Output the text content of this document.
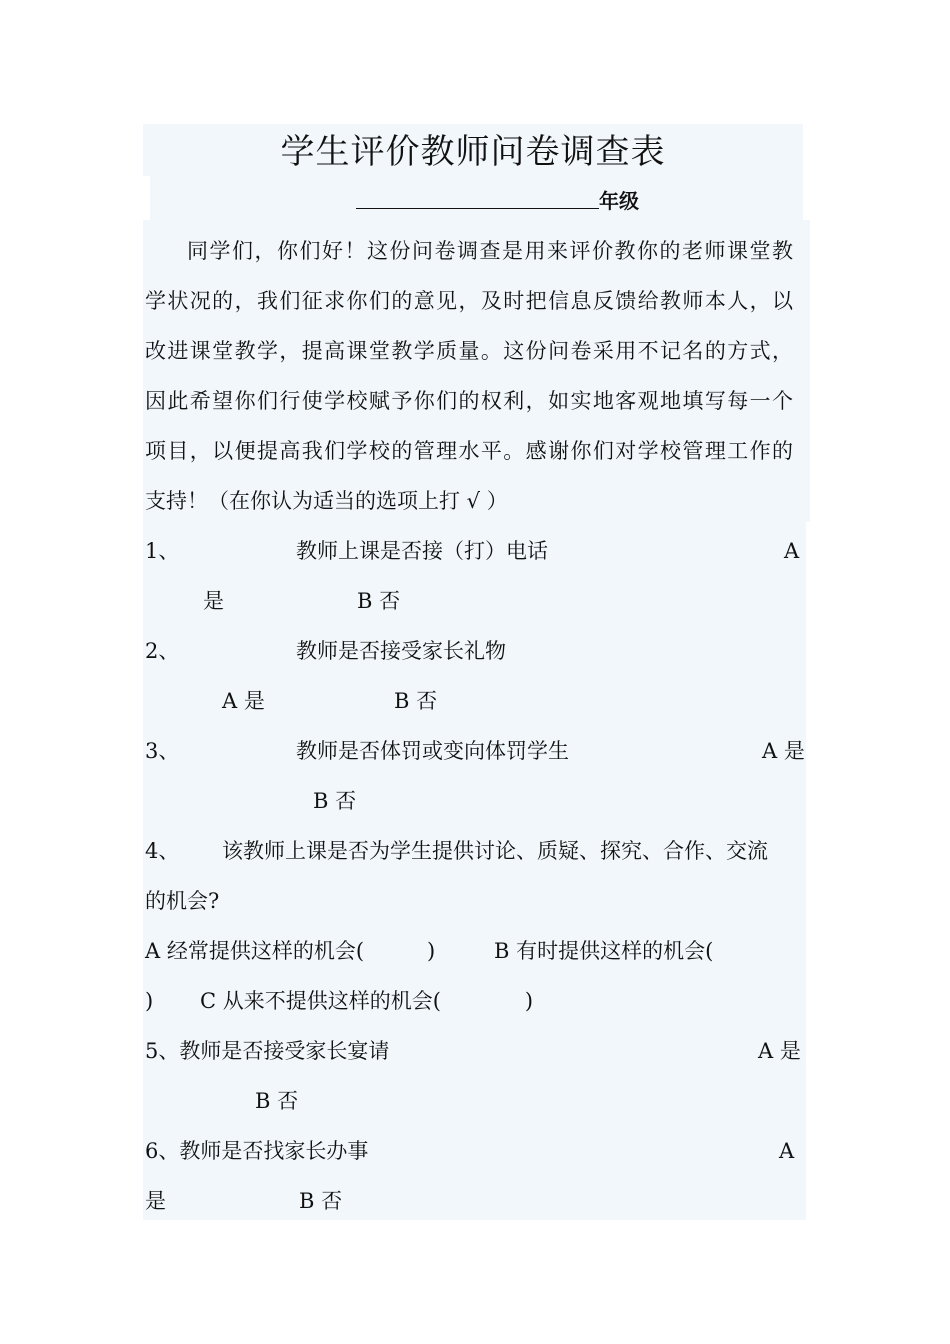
学生评价教师问卷调查表
年级
同学们，你们好！这份问卷调查是用来评价教你的老师课堂教
学状况的，我们征求你们的意见，及时把信息反馈给教师本人，以
改进课堂教学，提高课堂教学质量。这份问卷采用不记名的方式，
因此希望你们行使学校赋予你们的权利，如实地客观地填写每一个
项目，以便提高我们学校的管理水平。感谢你们对学校管理工作的
支持！（在你认为适当的选项上打 √ ）
1、	教师上课是否接（打）电话	A
是	B 否
2、	教师是否接受家长礼物
A 是	B 否
3、	教师是否体罚或变向体罚学生	A 是
B 否
4、 该教师上课是否为学生提供讨论、质疑、探究、合作、交流
的机会?
A 经常提供这样的机会(　　　)	B 有时提供这样的机会(
) C 从来不提供这样的机会(　　　　)
5、教师是否接受家长宴请	A 是
B 否
6、教师是否找家长办事	A
是	B 否
